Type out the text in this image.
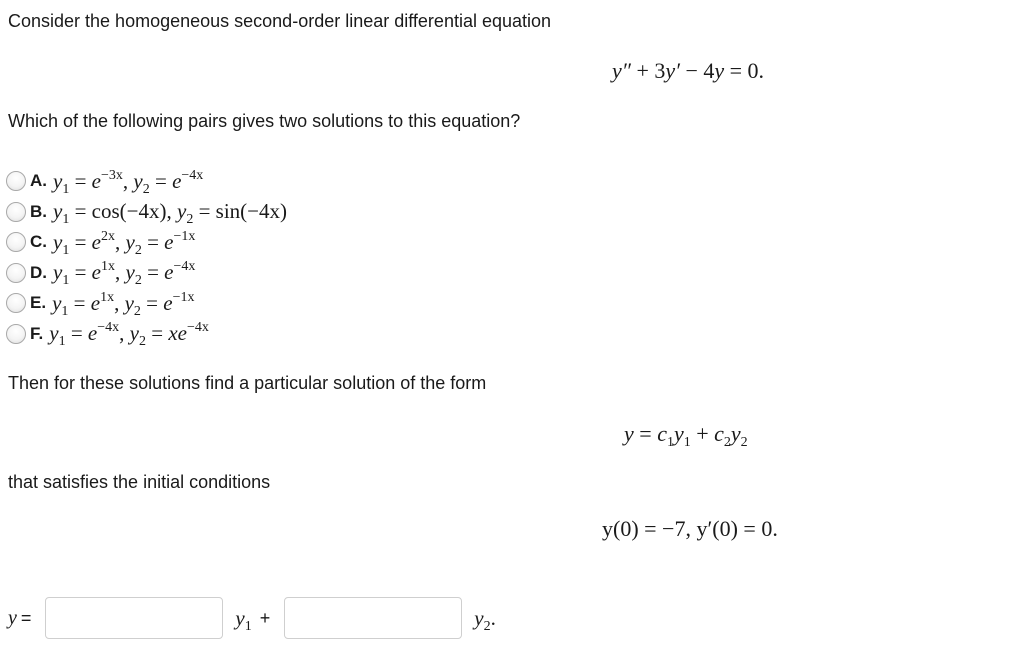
Consider the homogeneous second-order linear differential equation
y″ + 3y′ − 4y = 0.
Which of the following pairs gives two solutions to this equation?
A. $y_1 = e^{-3x}$, $y_2 = e^{-4x}$
B. $y_1 = \cos(-4x)$, $y_2 = \sin(-4x)$
C. $y_1 = e^{2x}$, $y_2 = e^{-1x}$
D. $y_1 = e^{1x}$, $y_2 = e^{-4x}$
E. $y_1 = e^{1x}$, $y_2 = e^{-1x}$
F. $y_1 = e^{-4x}$, $y_2 = xe^{-4x}$
Then for these solutions find a particular solution of the form
$y = c_1y_1 + c_2y_2$
that satisfies the initial conditions
y(0) = −7, y′(0) = 0.
y =	$y_1$ +	$y_2$.
